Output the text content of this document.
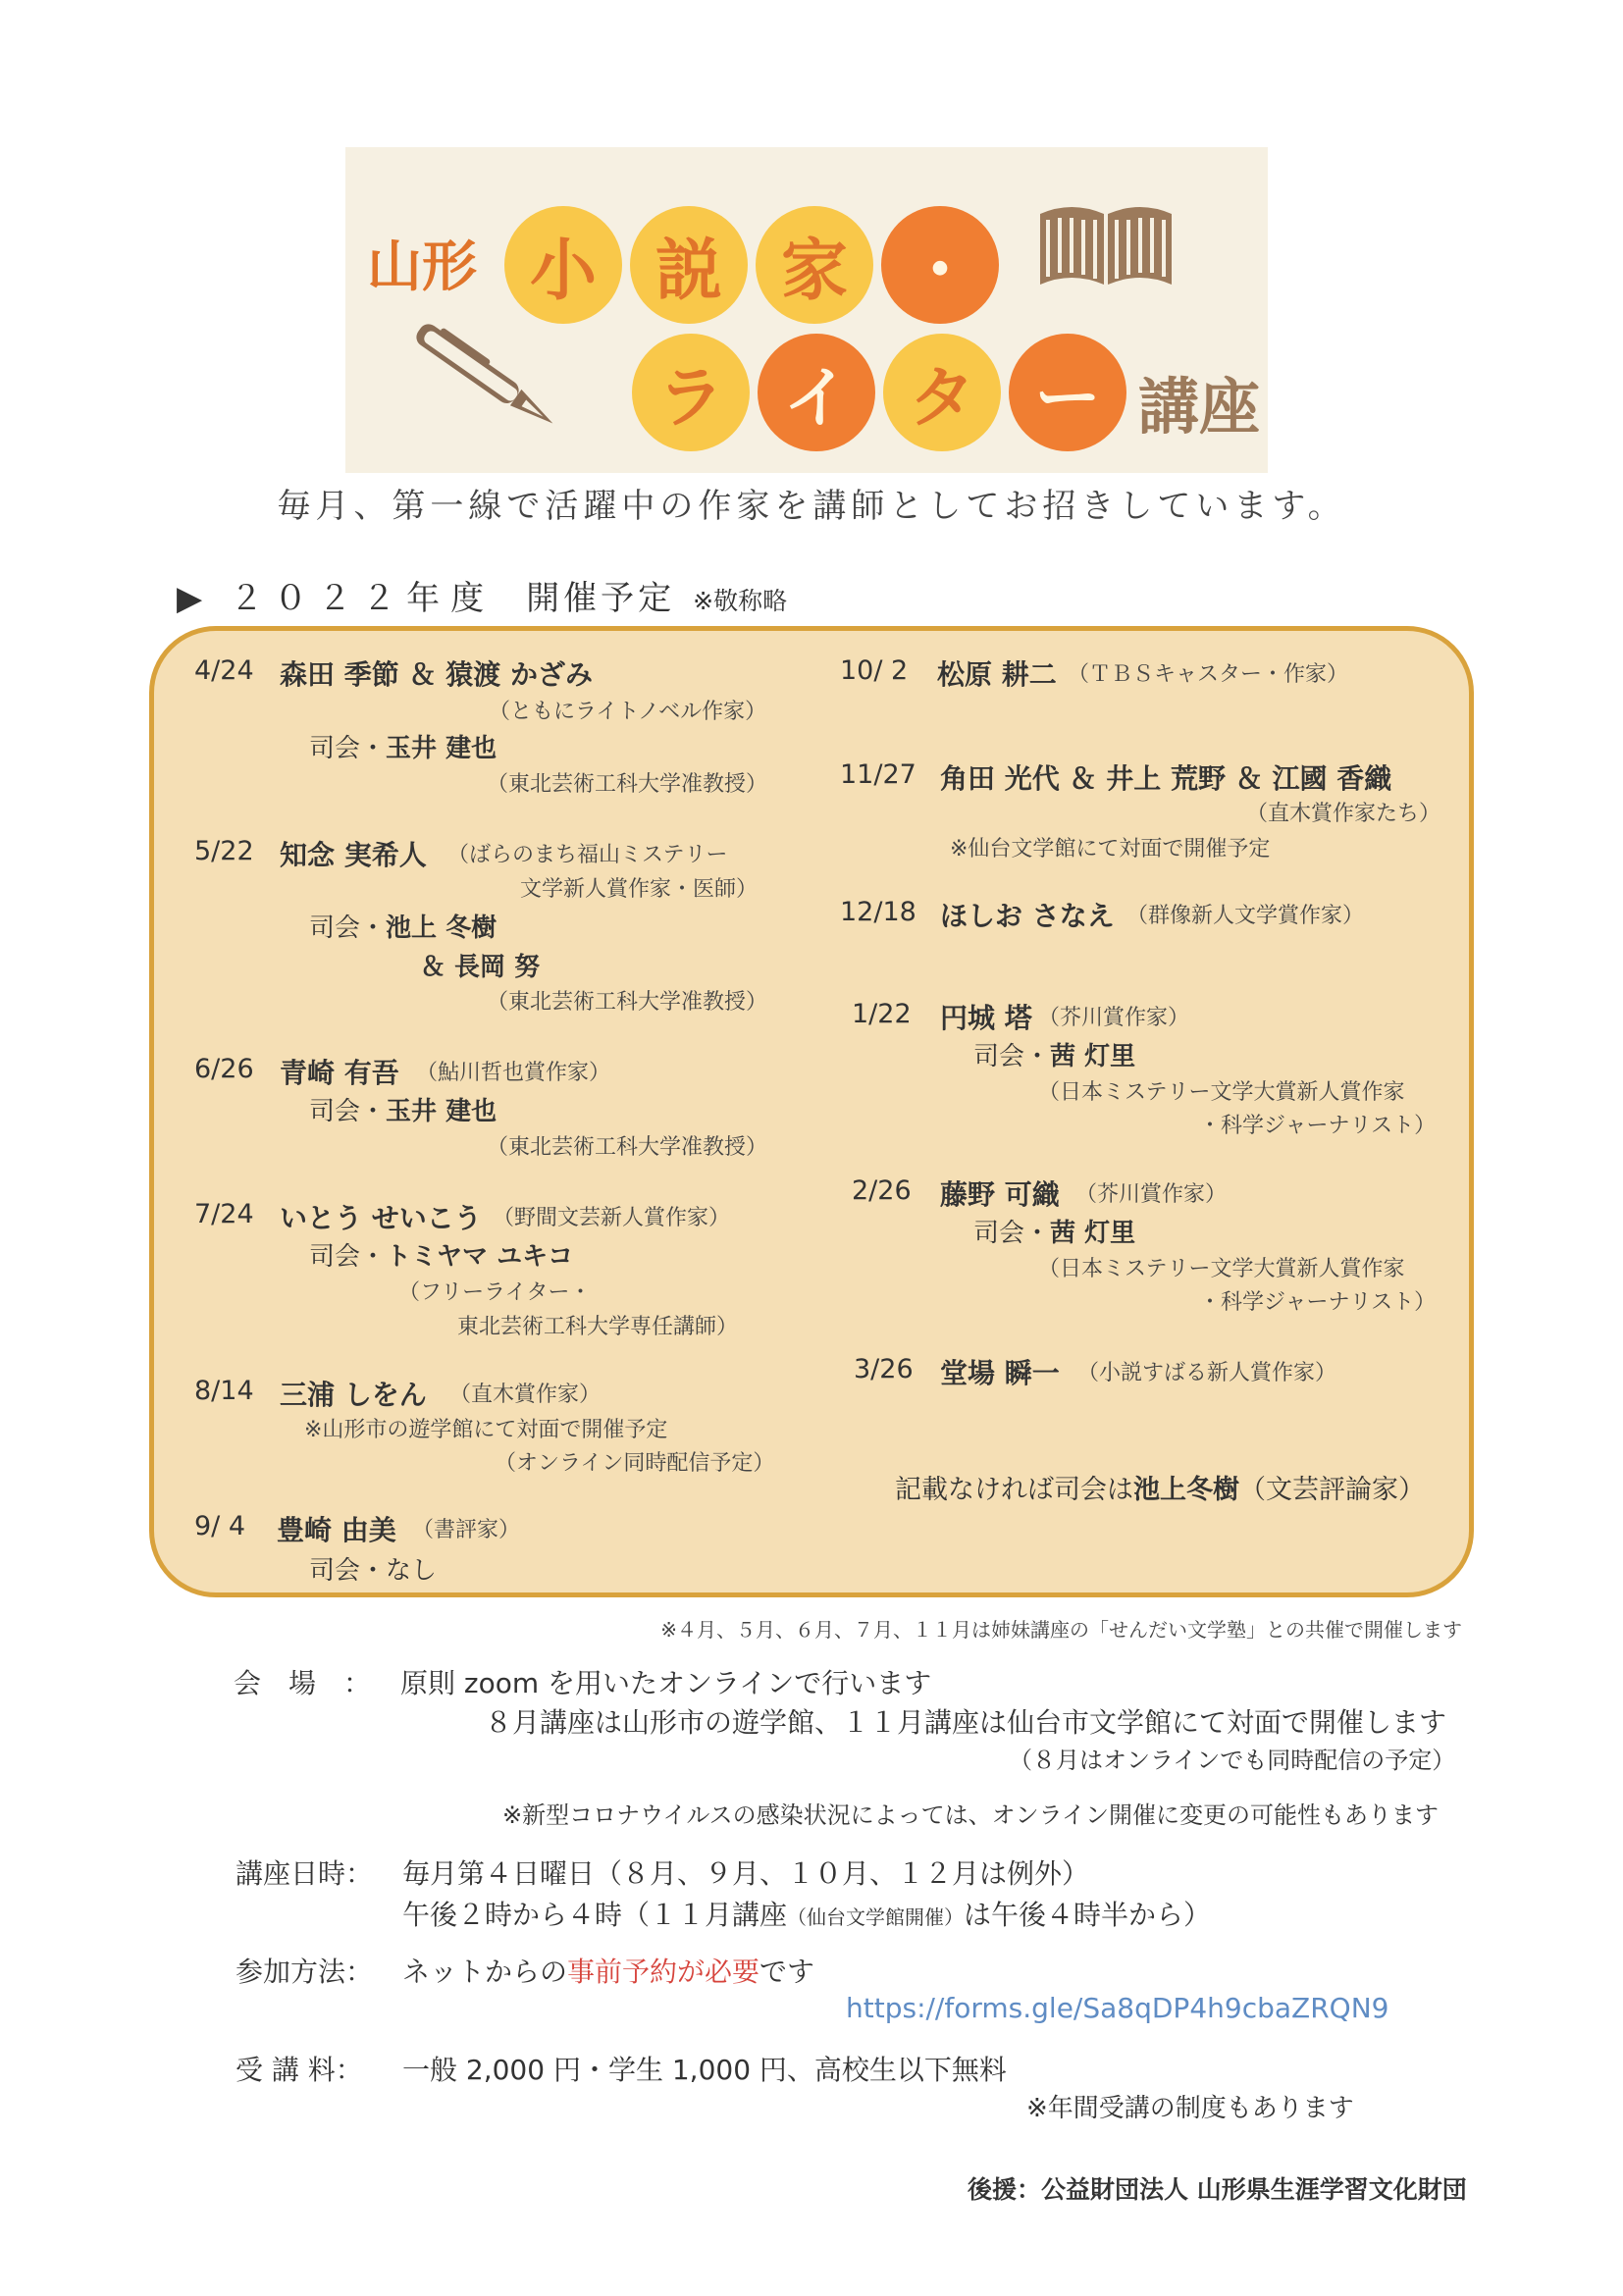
山形 小 説 家 ・
ラ イ タ ー 講座
毎月、第一線で活躍中の作家を講師としてお招きしています。
▶ ２０２２年度 開催予定 ※敬称略
4/24 森田 季節 ＆ 猿渡 かざみ
（ともにライトノベル作家）
司会・玉井 建也
（東北芸術工科大学准教授）
5/22 知念 実希人 （ばらのまち福山ミステリー
文学新人賞作家・医師）
司会・池上 冬樹
＆ 長岡 努
（東北芸術工科大学准教授）
6/26 青崎 有吾 （鮎川哲也賞作家）
司会・玉井 建也
（東北芸術工科大学准教授）
7/24 いとう せいこう （野間文芸新人賞作家）
司会・トミヤマ ユキコ
（フリーライター・
東北芸術工科大学専任講師）
8/14 三浦 しをん （直木賞作家）
※山形市の遊学館にて対面で開催予定
（オンライン同時配信予定）
9/ 4 豊崎 由美 （書評家）
司会・なし
10/ 2 松原 耕二 （ＴＢＳキャスター・作家）
11/27 角田 光代 ＆ 井上 荒野 ＆ 江國 香織
（直木賞作家たち）
※仙台文学館にて対面で開催予定
12/18 ほしお さなえ （群像新人文学賞作家）
1/22 円城 塔 （芥川賞作家）
司会・茜 灯里
（日本ミステリー文学大賞新人賞作家
・科学ジャーナリスト）
2/26 藤野 可織 （芥川賞作家）
司会・茜 灯里
（日本ミステリー文学大賞新人賞作家
・科学ジャーナリスト）
3/26 堂場 瞬一 （小説すばる新人賞作家）
記載なければ司会は池上冬樹（文芸評論家）
※４月、５月、６月、７月、１１月は姉妹講座の「せんだい文学塾」との共催で開催します
会　場　： 原則 zoom を用いたオンラインで行います
８月講座は山形市の遊学館、１１月講座は仙台市文学館にて対面で開催します
（８月はオンラインでも同時配信の予定）
※新型コロナウイルスの感染状況によっては、オンライン開催に変更の可能性もあります
講座日時： 毎月第４日曜日（８月、９月、１０月、１２月は例外）
午後２時から４時（１１月講座（仙台文学館開催）は午後４時半から）
参加方法： ネットからの事前予約が必要です
https://forms.gle/Sa8qDP4h9cbaZRQN9
受 講 料： 一般 2,000 円・学生 1,000 円、高校生以下無料
※年間受講の制度もあります
後援：公益財団法人 山形県生涯学習文化財団
